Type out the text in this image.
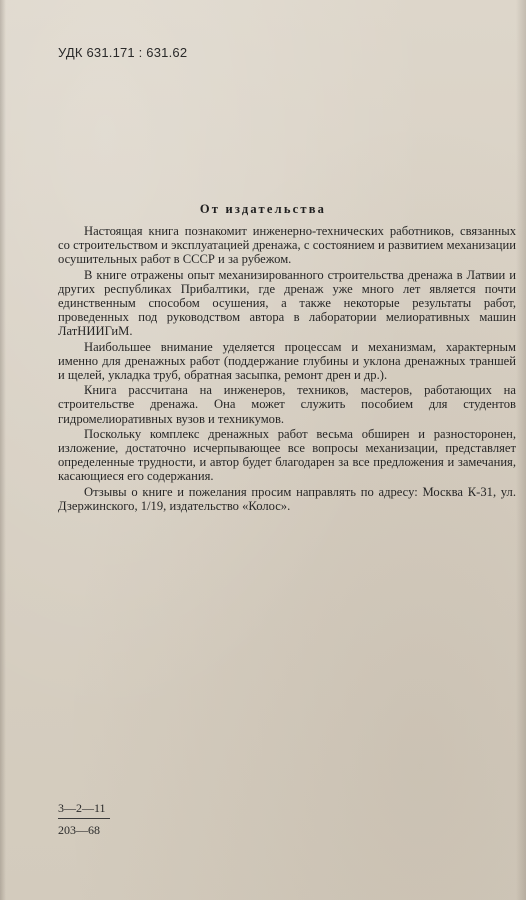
УДК 631.171 : 631.62
От издательства

Настоящая книга познакомит инженерно-технических работников, связанных со строительством и эксплуатацией дренажа, с состоянием и развитием механизации осушительных работ в СССР и за рубежом.

В книге отражены опыт механизированного строительства дренажа в Латвии и других республиках Прибалтики, где дренаж уже много лет является почти единственным способом осушения, а также некоторые результаты работ, проведенных под руководством автора в лаборатории мелиоративных машин ЛатНИИГиМ.

Наибольшее внимание уделяется процессам и механизмам, характерным именно для дренажных работ (поддержание глубины и уклона дренажных траншей и щелей, укладка труб, обратная засыпка, ремонт дрен и др.).

Книга рассчитана на инженеров, техников, мастеров, работающих на строительстве дренажа. Она может служить пособием для студентов гидромелиоративных вузов и техникумов.

Поскольку комплекс дренажных работ весьма обширен и разносторонен, изложение, достаточно исчерпывающее все вопросы механизации, представляет определенные трудности, и автор будет благодарен за все предложения и замечания, касающиеся его содержания.

Отзывы о книге и пожелания просим направлять по адресу: Москва К-31, ул. Дзержинского, 1/19, издательство «Колос».

3—2—11
203—68
